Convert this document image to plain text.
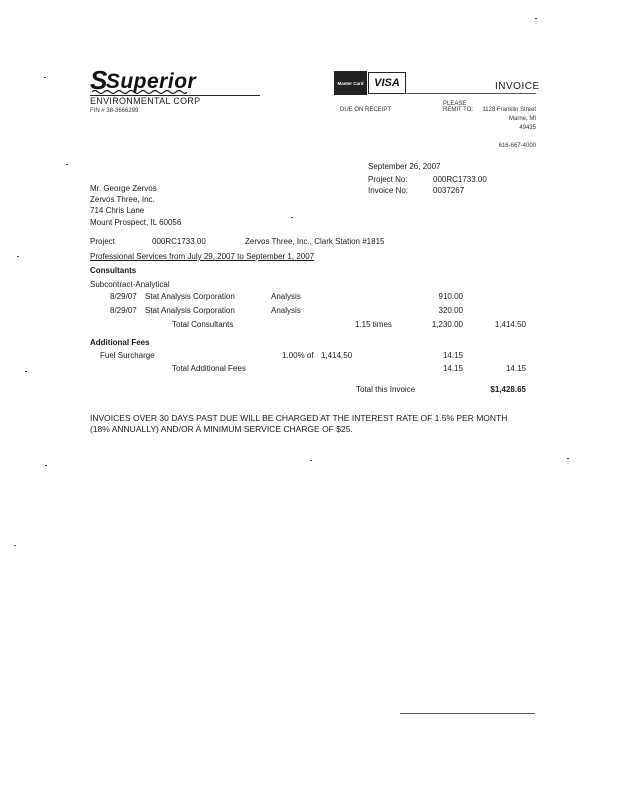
SSuperior
ENVIRONMENTAL CORP
FIN # 38-3666299
Master Card VISA	INVOICE
DUE ON RECEIPT
PLEASE
REMIT TO:	1128 Franklin Street
Marne, MI
49435
616-667-4000
September 26, 2007
Project No:	000RC1733.00
Invoice No:	0037267
Mr. George Zervos
Zervos Three, Inc.
714 Chris Lane
Mount Prospect, IL 60056
Project	000RC1733.00	Zervos Three, Inc., Clark Station #1815
Professional Services from July 29, 2007 to September 1, 2007
Consultants
Subcontract-Analytical
8/29/07 Stat Analysis Corporation	Analysis	910.00
8/29/07 Stat Analysis Corporation	Analysis	320.00
Total Consultants	1.15 times	1,230.00	1,414.50
Additional Fees
Fuel Surcharge	1.00% of 1,414.50	14.15
Total Additional Fees	14.15	14.15
Total this Invoice	$1,428.65
INVOICES OVER 30 DAYS PAST DUE WILL BE CHARGED AT THE INTEREST RATE OF 1.5% PER MONTH (18% ANNUALLY) AND/OR A MINIMUM SERVICE CHARGE OF $25.
